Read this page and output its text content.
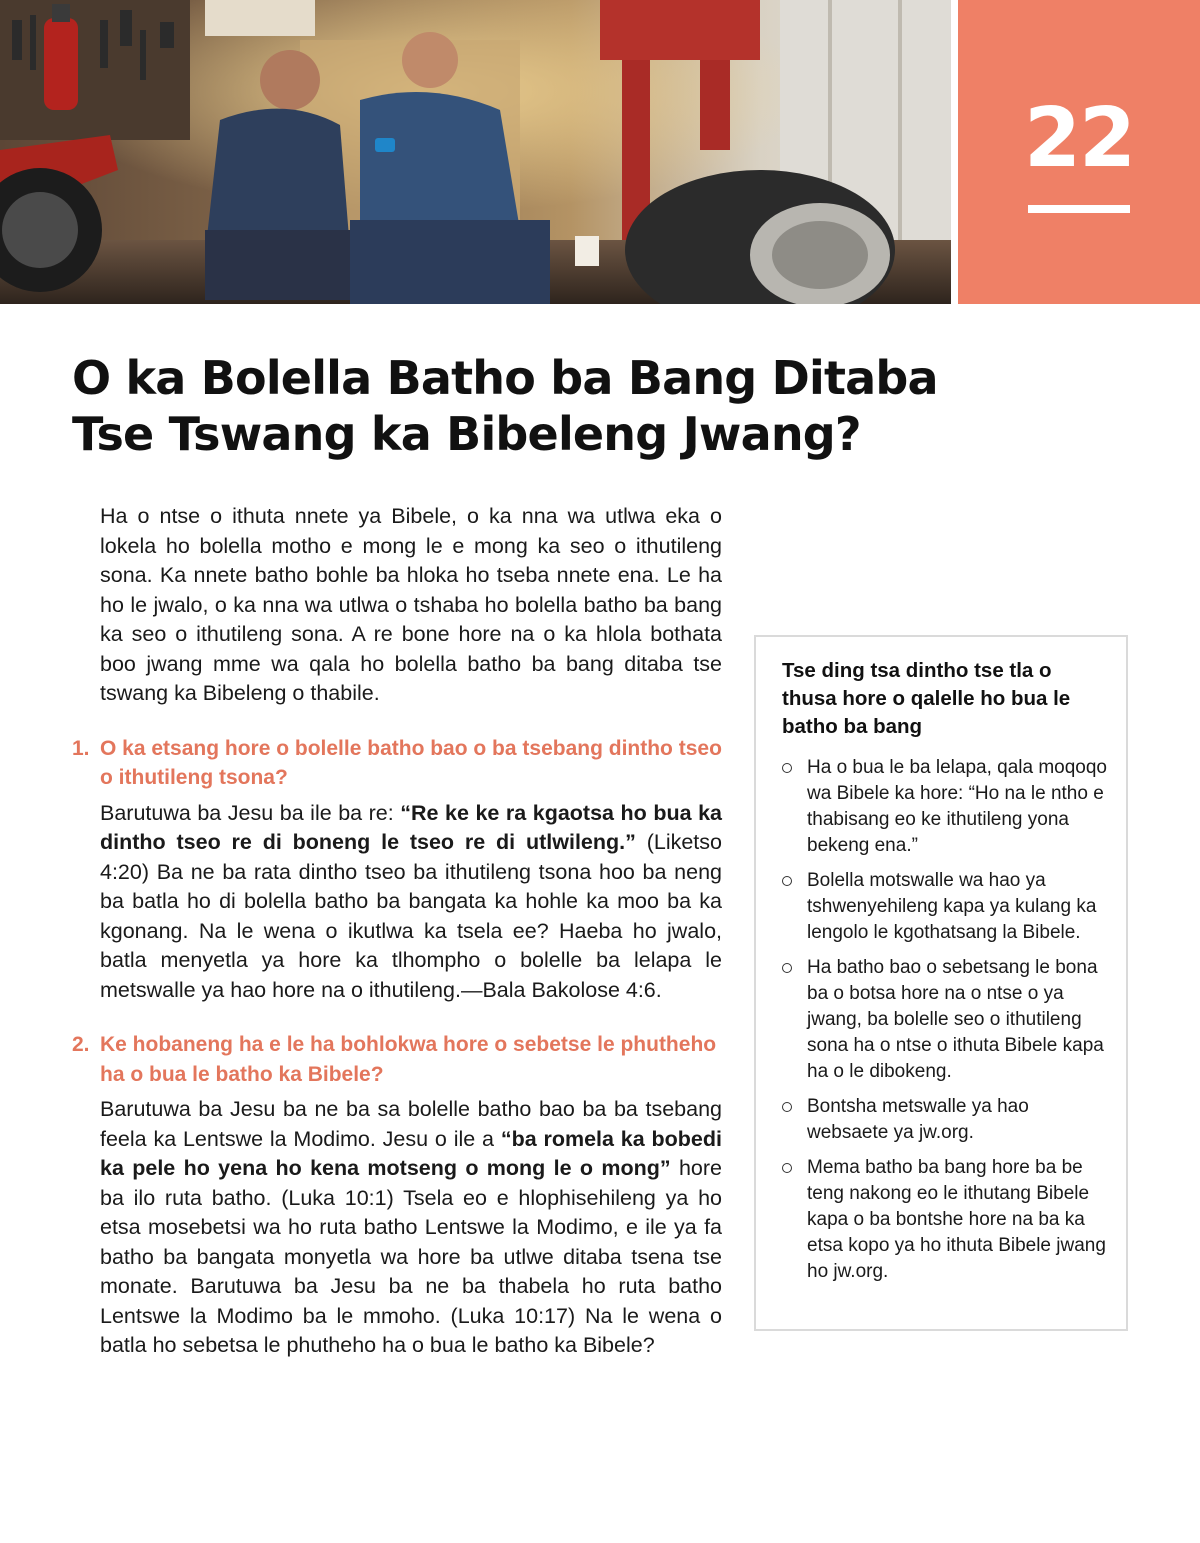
22
O ka Bolella Batho ba Bang Ditaba
Tse Tswang ka Bibeleng Jwang?

Ha o ntse o ithuta nnete ya Bibele, o ka nna wa utlwa eka o lokela ho bolella motho e mong le e mong ka seo o ithutileng sona. Ka nnete batho bohle ba hloka ho tseba nnete ena. Le ha ho le jwalo, o ka nna wa utlwa o tshaba ho bolella batho ba bang ka seo o ithutileng sona. A re bone hore na o ka hlola bothata boo jwang mme wa qala ho bolella batho ba bang ditaba tse tswang ka Bibeleng o thabile.

1. O ka etsang hore o bolelle batho bao o ba tsebang dintho tseo o ithutileng tsona?

Barutuwa ba Jesu ba ile ba re: “Re ke ke ra kgaotsa ho bua ka dintho tseo re di boneng le tseo re di utlwileng.” (Liketso 4:20) Ba ne ba rata dintho tseo ba ithutileng tsona hoo ba neng ba batla ho di bolella batho ba bangata ka hohle ka moo ba ka kgonang. Na le wena o ikutlwa ka tsela ee? Haeba ho jwalo, batla menyetla ya hore ka tlhompho o bolelle ba lelapa le metswalle ya hao hore na o ithutileng.—Bala Bakolose 4:6.

2. Ke hobaneng ha e le ha bohlokwa hore o sebetse le phutheho ha o bua le batho ka Bibele?

Barutuwa ba Jesu ba ne ba sa bolelle batho bao ba ba tsebang feela ka Lentswe la Modimo. Jesu o ile a “ba romela ka bobedi ka pele ho yena ho kena motseng o mong le o mong” hore ba ilo ruta batho. (Luka 10:1) Tsela eo e hlophisehileng ya ho etsa mosebetsi wa ho ruta batho Lentswe la Modimo, e ile ya fa batho ba bangata monyetla wa hore ba utlwe ditaba tsena tse monate. Barutuwa ba Jesu ba ne ba thabela ho ruta batho Lentswe la Modimo ba le mmoho. (Luka 10:17) Na le wena o batla ho sebetsa le phutheho ha o bua le batho ka Bibele?

Tse ding tsa dintho tse tla o thusa hore o qalelle ho bua le batho ba bang

Ha o bua le ba lelapa, qala moqoqo wa Bibele ka hore: “Ho na le ntho e thabisang eo ke ithutileng yona bekeng ena.”
Bolella motswalle wa hao ya tshwenyehileng kapa ya kulang ka lengolo le kgothatsang la Bibele.
Ha batho bao o sebetsang le bona ba o botsa hore na o ntse o ya jwang, ba bolelle seo o ithutileng sona ha o ntse o ithuta Bibele kapa ha o le dibokeng.
Bontsha metswalle ya hao websaete ya jw.org.
Mema batho ba bang hore ba be teng nakong eo le ithutang Bibele kapa o ba bontshe hore na ba ka etsa kopo ya ho ithuta Bibele jwang ho jw.org.
